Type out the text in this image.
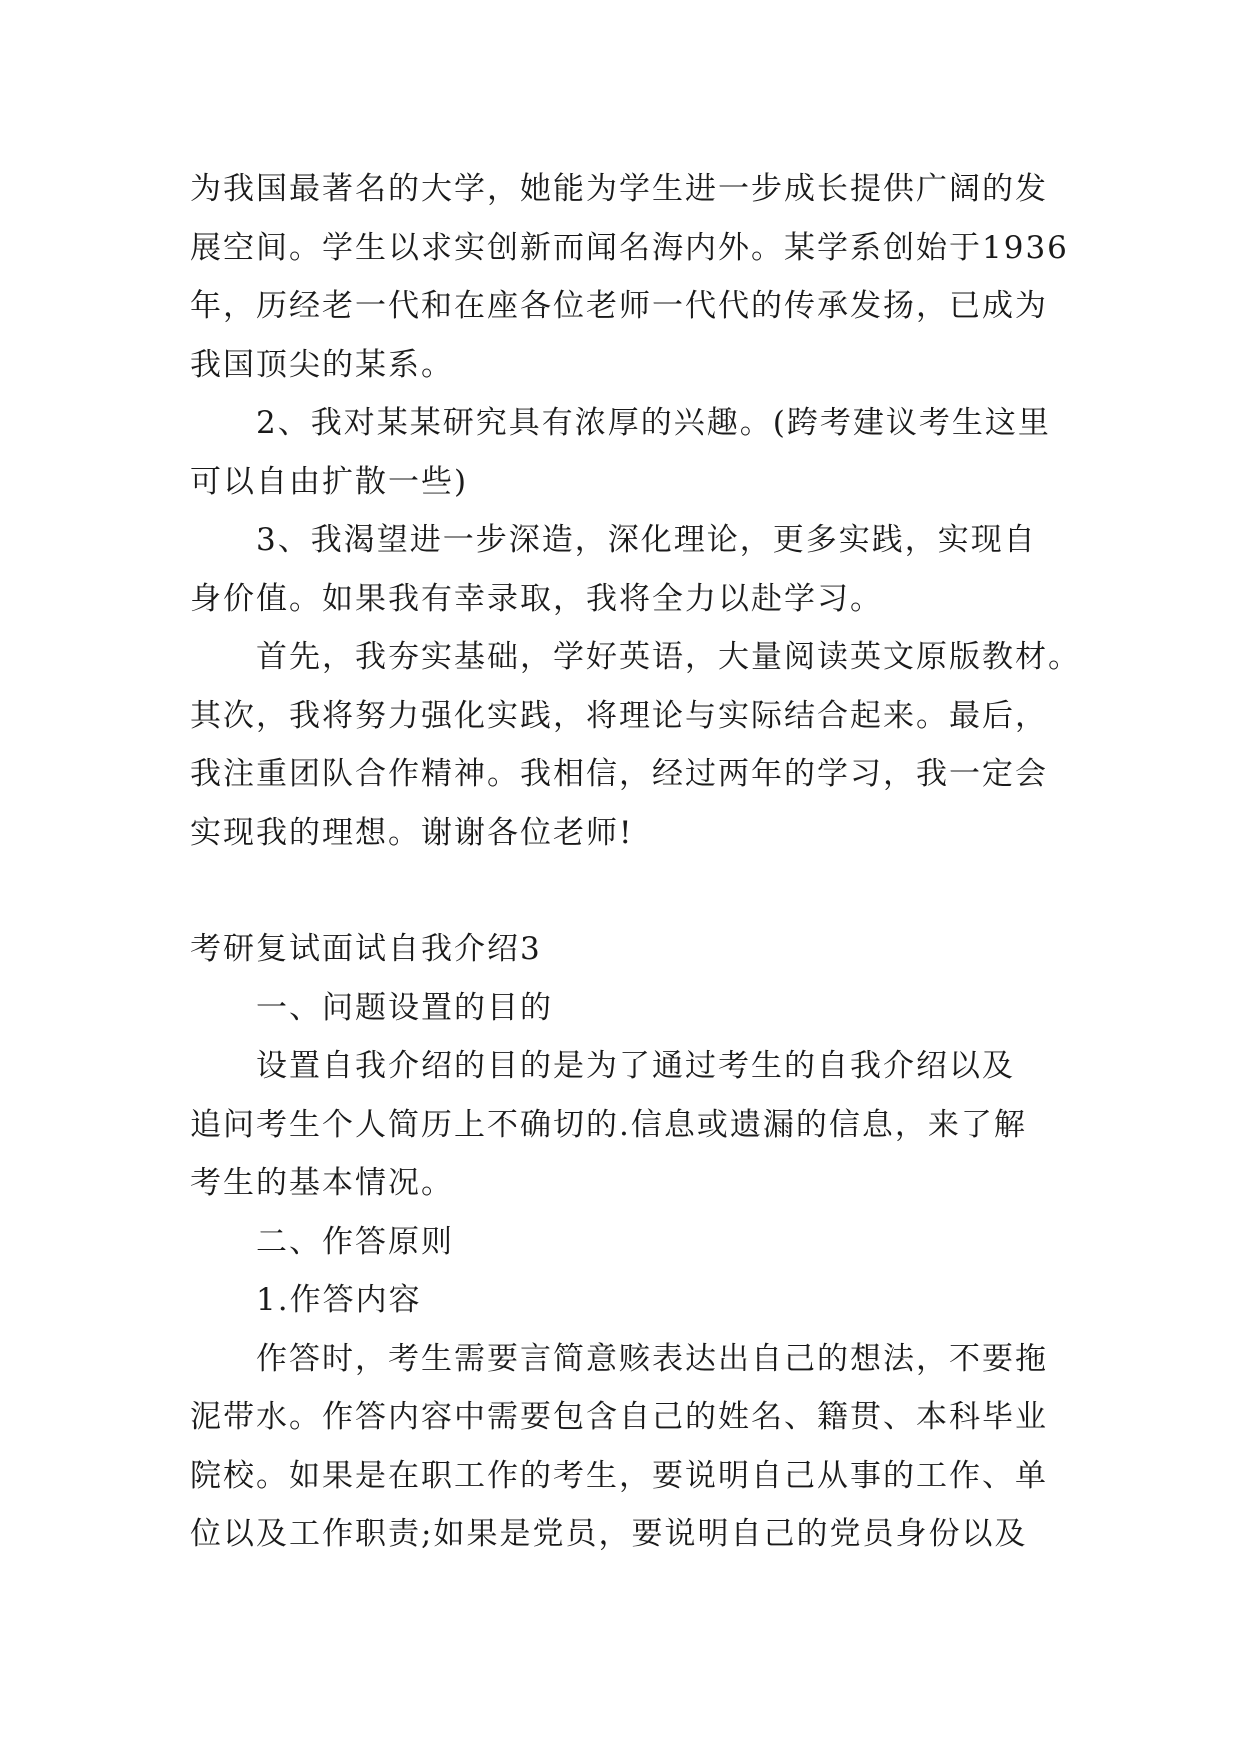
为我国最著名的大学，她能为学生进一步成长提供广阔的发
展空间。学生以求实创新而闻名海内外。某学系创始于1936
年，历经老一代和在座各位老师一代代的传承发扬，已成为
我国顶尖的某系。
2、我对某某研究具有浓厚的兴趣。(跨考建议考生这里
可以自由扩散一些)
3、我渴望进一步深造，深化理论，更多实践，实现自
身价值。如果我有幸录取，我将全力以赴学习。
首先，我夯实基础，学好英语，大量阅读英文原版教材。
其次，我将努力强化实践，将理论与实际结合起来。最后，
我注重团队合作精神。我相信，经过两年的学习，我一定会
实现我的理想。谢谢各位老师!
考研复试面试自我介绍3
一、问题设置的目的
设置自我介绍的目的是为了通过考生的自我介绍以及
追问考生个人简历上不确切的.信息或遗漏的信息，来了解
考生的基本情况。
二、作答原则
1.作答内容
作答时，考生需要言简意赅表达出自己的想法，不要拖
泥带水。作答内容中需要包含自己的姓名、籍贯、本科毕业
院校。如果是在职工作的考生，要说明自己从事的工作、单
位以及工作职责;如果是党员，要说明自己的党员身份以及
